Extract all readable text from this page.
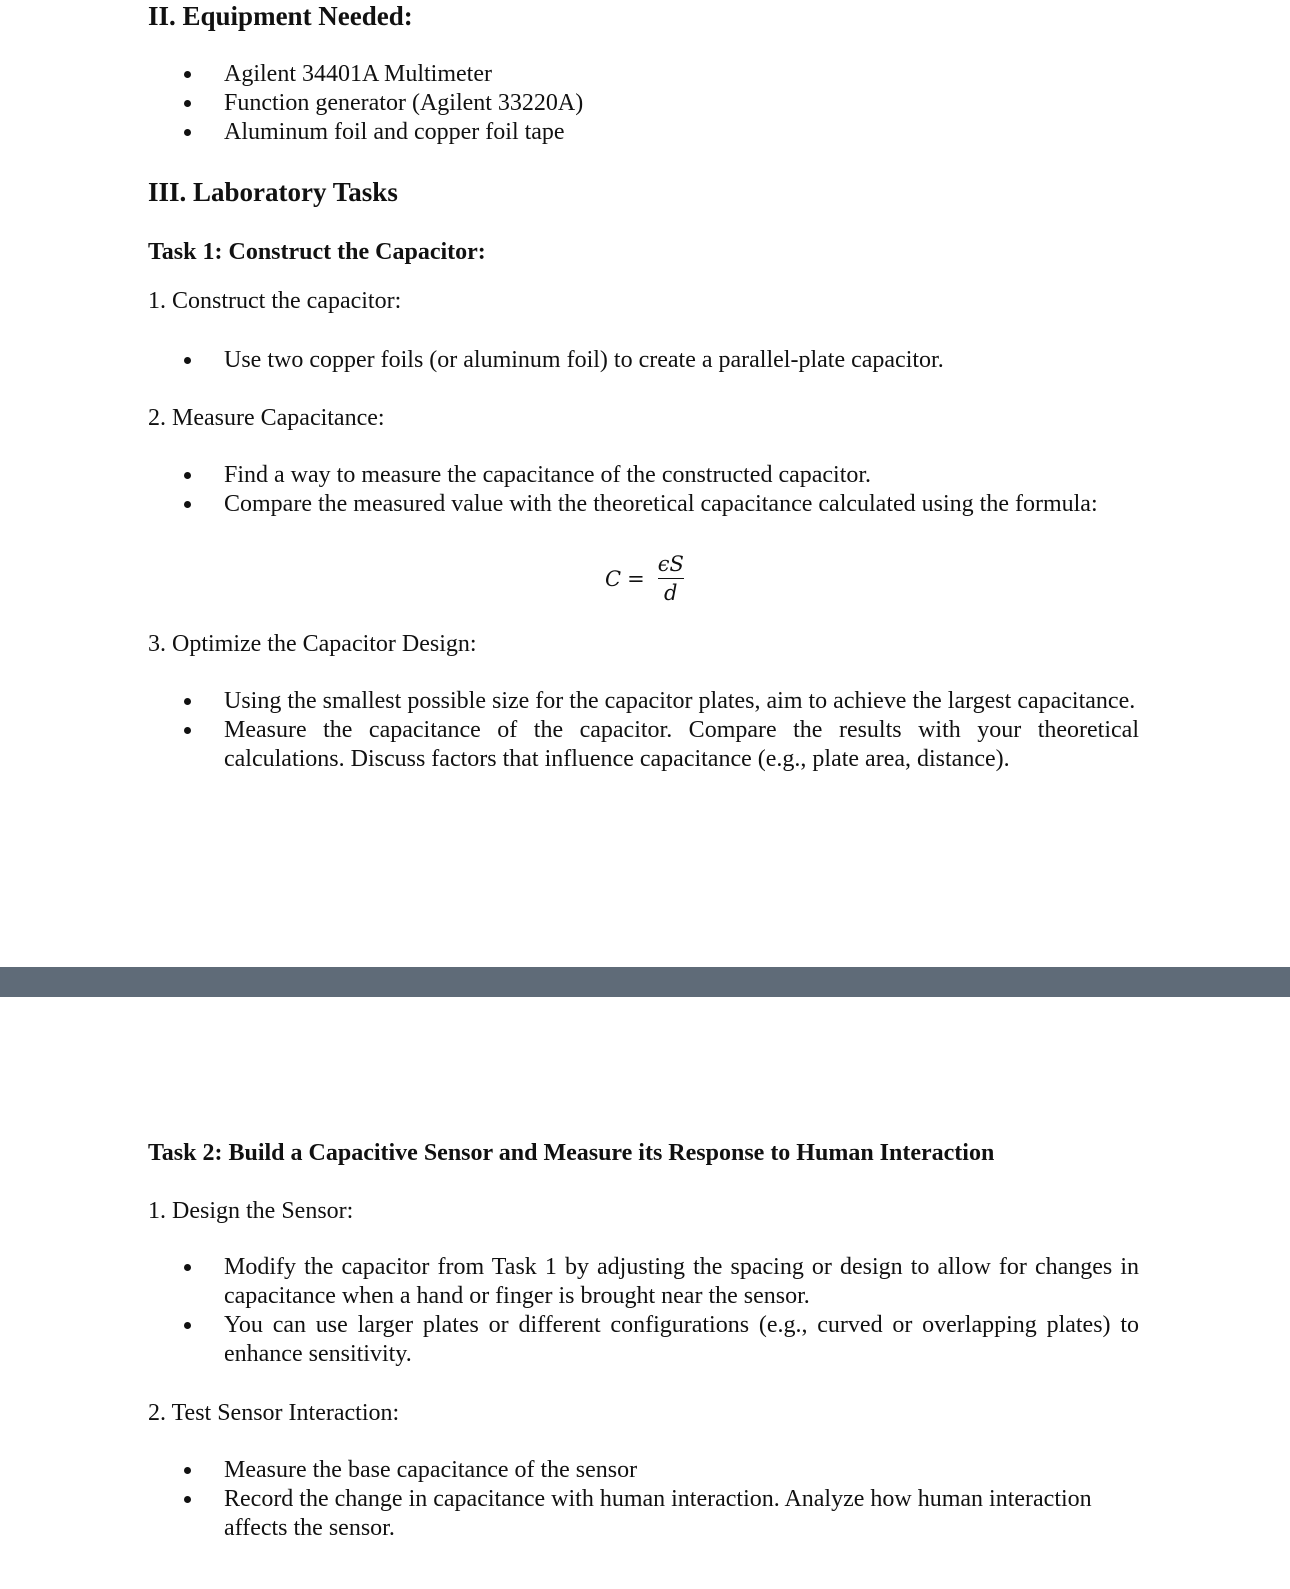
II. Equipment Needed:
Agilent 34401A Multimeter
Function generator (Agilent 33220A)
Aluminum foil and copper foil tape
III. Laboratory Tasks
Task 1: Construct the Capacitor:

1. Construct the capacitor:

Use two copper foils (or aluminum foil) to create a parallel-plate capacitor.

2. Measure Capacitance:

Find a way to measure the capacitance of the constructed capacitor.
Compare the measured value with the theoretical capacitance calculated using the formula:
$C = \frac{\epsilon S}{d}$

3. Optimize the Capacitor Design:

Using the smallest possible size for the capacitor plates, aim to achieve the largest capacitance.
Measure the capacitance of the capacitor. Compare the results with your theoretical calculations. Discuss factors that influence capacitance (e.g., plate area, distance).
Task 2: Build a Capacitive Sensor and Measure its Response to Human Interaction

1. Design the Sensor:

Modify the capacitor from Task 1 by adjusting the spacing or design to allow for changes in capacitance when a hand or finger is brought near the sensor.
You can use larger plates or different configurations (e.g., curved or overlapping plates) to enhance sensitivity.

2. Test Sensor Interaction:

Measure the base capacitance of the sensor
Record the change in capacitance with human interaction. Analyze how human interaction affects the sensor.
